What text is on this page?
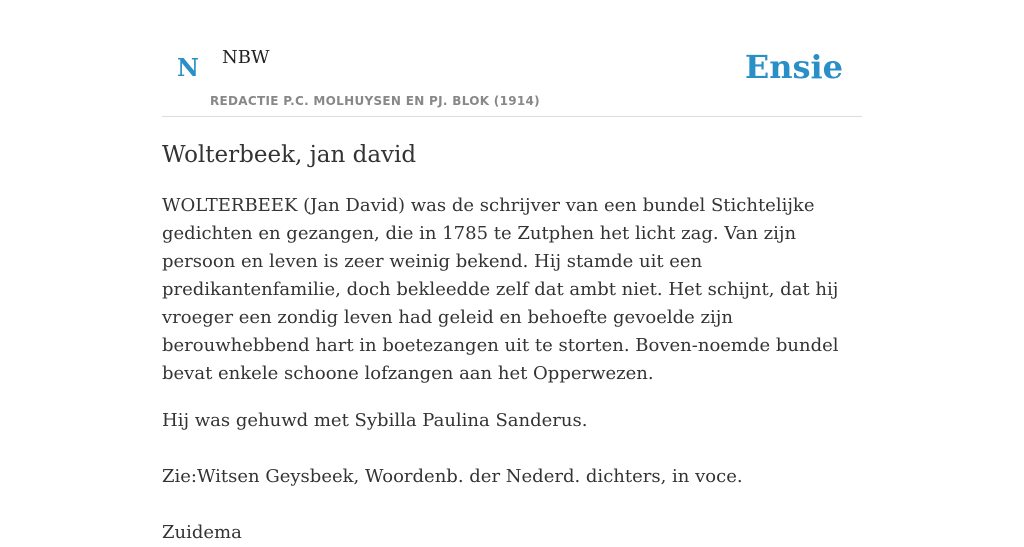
N NBW	Ensie
REDACTIE P.C. MOLHUYSEN EN PJ. BLOK (1914)
Wolterbeek, jan david

WOLTERBEEK (Jan David) was de schrijver van een bundel Stichtelijke gedichten en gezangen, die in 1785 te Zutphen het licht zag. Van zijn persoon en leven is zeer weinig bekend. Hij stamde uit een predikantenfamilie, doch bekleedde zelf dat ambt niet. Het schijnt, dat hij vroeger een zondig leven had geleid en behoefte gevoelde zijn berouwhebbend hart in boetezangen uit te storten. Boven-noemde bundel bevat enkele schoone lofzangen aan het Opperwezen.

Hij was gehuwd met Sybilla Paulina Sanderus.

Zie:Witsen Geysbeek, Woordenb. der Nederd. dichters, in voce.

Zuidema
